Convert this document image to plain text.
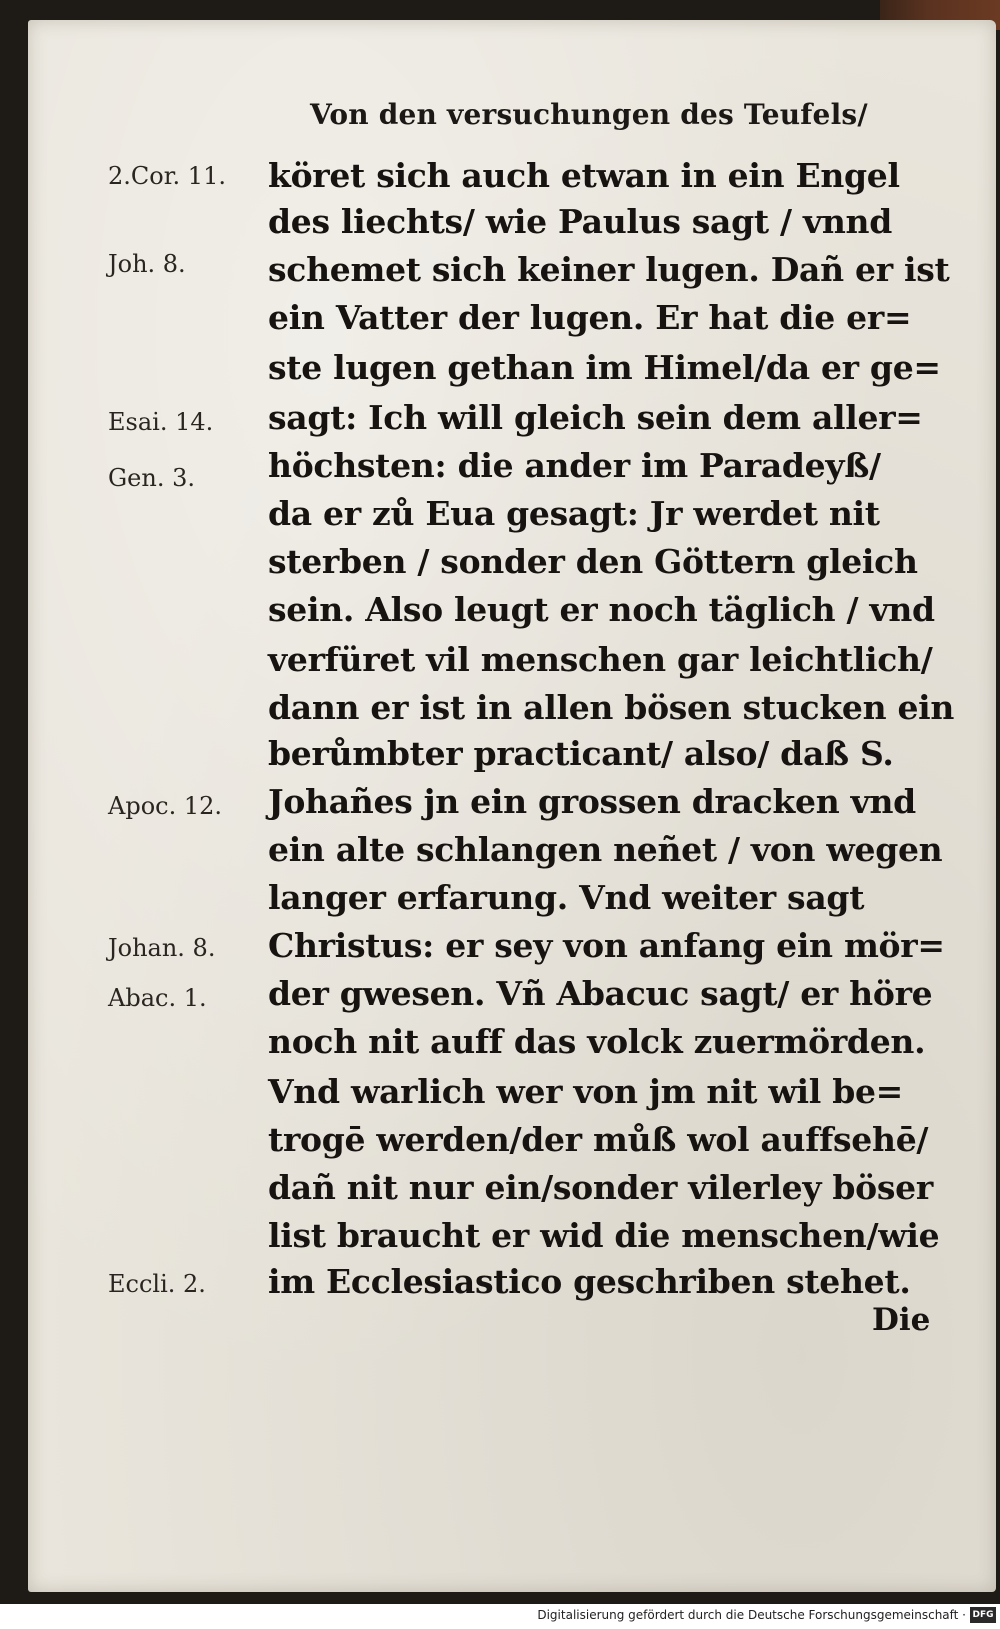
Von den versuchungen des Teufels/
2.Cor. 11.
Joh. 8.
Esai. 14.
Gen. 3.
Apoc. 12.
Johan. 8.
Abac. 1.
Eccli. 2.
köret sich auch etwan in ein Engel
des liechts/ wie Paulus sagt / vnnd
schemet sich keiner lugen. Dañ er ist
ein Vatter der lugen. Er hat die er=
ste lugen gethan im Himel/da er ge=
sagt: Ich will gleich sein dem aller=
höchsten: die ander im Paradeyß/
da er zů Eua gesagt: Jr werdet nit
sterben / sonder den Göttern gleich
sein. Also leugt er noch täglich / vnd
verfüret vil menschen gar leichtlich/
dann er ist in allen bösen stucken ein
berůmbter practicant/ also/ daß S.
Johañes jn ein grossen dracken vnd
ein alte schlangen neñet / von wegen
langer erfarung. Vnd weiter sagt
Christus: er sey von anfang ein mör=
der gwesen. Vñ Abacuc sagt/ er höre
noch nit auff das volck zuermörden.
Vnd warlich wer von jm nit wil be=
trogē werden/der můß wol auffsehē/
dañ nit nur ein/sonder vilerley böser
list braucht er wid die menschen/wie
im Ecclesiastico geschriben stehet.
Die
Digitalisierung gefördert durch die Deutsche Forschungsgemeinschaft · DFG
